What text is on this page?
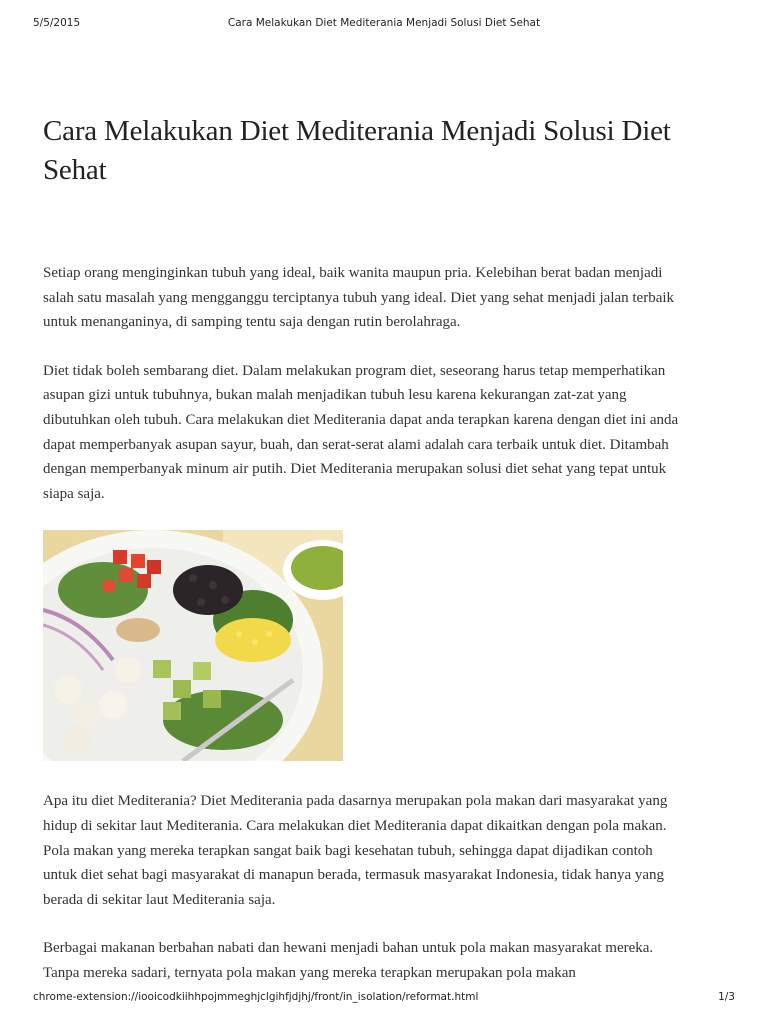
5/5/2015	Cara Melakukan Diet Mediterania Menjadi Solusi Diet Sehat
Cara Melakukan Diet Mediterania Menjadi Solusi Diet Sehat

Setiap orang menginginkan tubuh yang ideal, baik wanita maupun pria. Kelebihan berat badan menjadi salah satu masalah yang mengganggu terciptanya tubuh yang ideal. Diet yang sehat menjadi jalan terbaik untuk menanganinya, di samping tentu saja dengan rutin berolahraga.

Diet tidak boleh sembarang diet. Dalam melakukan program diet, seseorang harus tetap memperhatikan asupan gizi untuk tubuhnya, bukan malah menjadikan tubuh lesu karena kekurangan zat-zat yang dibutuhkan oleh tubuh. Cara melakukan diet Mediterania dapat anda terapkan karena dengan diet ini anda dapat memperbanyak asupan sayur, buah, dan serat-serat alami adalah cara terbaik untuk diet. Ditambah dengan memperbanyak minum air putih. Diet Mediterania merupakan solusi diet sehat yang tepat untuk siapa saja.

Apa itu diet Mediterania? Diet Mediterania pada dasarnya merupakan pola makan dari masyarakat yang hidup di sekitar laut Mediterania. Cara melakukan diet Mediterania dapat dikaitkan dengan pola makan. Pola makan yang mereka terapkan sangat baik bagi kesehatan tubuh, sehingga dapat dijadikan contoh untuk diet sehat bagi masyarakat di manapun berada, termasuk masyarakat Indonesia, tidak hanya yang berada di sekitar laut Mediterania saja.

Berbagai makanan berbahan nabati dan hewani menjadi bahan untuk pola makan masyarakat mereka. Tanpa mereka sadari, ternyata pola makan yang mereka terapkan merupakan pola makan

chrome-extension://iooicodkiihhpojmmeghjclgihfjdjhj/front/in_isolation/reformat.html	1/3
